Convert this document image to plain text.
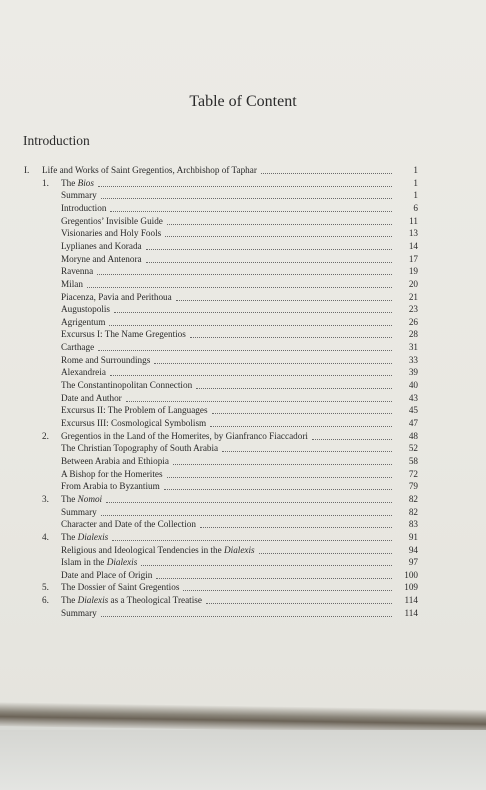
Table of Content
Introduction
I. Life and Works of Saint Gregentios, Archbishop of Taphar	1
1. The Bios	1
Summary	1
Introduction	6
Gregentios’ Invisible Guide	11
Visionaries and Holy Fools	13
Lyplianes and Korada	14
Moryne and Antenora	17
Ravenna	19
Milan	20
Piacenza, Pavia and Perithoua	21
Augustopolis	23
Agrigentum	26
Excursus I: The Name Gregentios	28
Carthage	31
Rome and Surroundings	33
Alexandreia	39
The Constantinopolitan Connection	40
Date and Author	43
Excursus II: The Problem of Languages	45
Excursus III: Cosmological Symbolism	47
2. Gregentios in the Land of the Homerites, by Gianfranco Fiaccadori	48
The Christian Topography of South Arabia	52
Between Arabia and Ethiopia	58
A Bishop for the Homerites	72
From Arabia to Byzantium	79
3. The Nomoi	82
Summary	82
Character and Date of the Collection	83
4. The Dialexis	91
Religious and Ideological Tendencies in the Dialexis	94
Islam in the Dialexis	97
Date and Place of Origin	100
5. The Dossier of Saint Gregentios	109
6. The Dialexis as a Theological Treatise	114
Summary	114
